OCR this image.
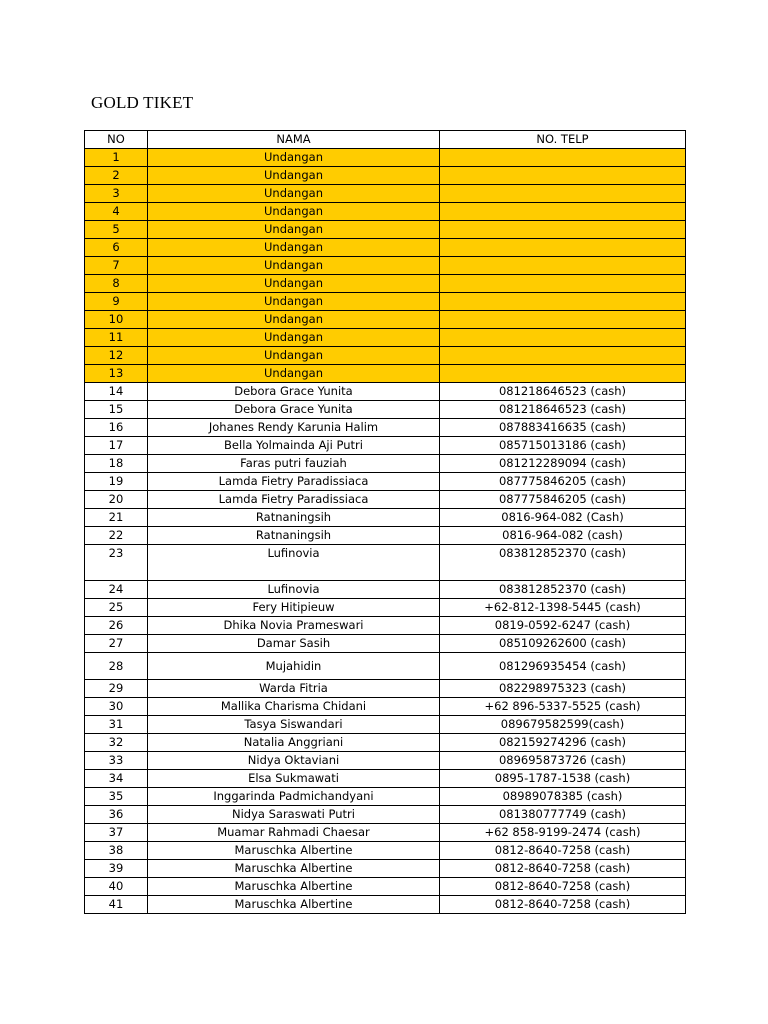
GOLD TIKET
NO	NAMA	NO. TELP
1	Undangan	
2	Undangan	
3	Undangan	
4	Undangan	
5	Undangan	
6	Undangan	
7	Undangan	
8	Undangan	
9	Undangan	
10	Undangan	
11	Undangan	
12	Undangan	
13	Undangan	
14	Debora Grace Yunita	081218646523 (cash)
15	Debora Grace Yunita	081218646523 (cash)
16	Johanes Rendy Karunia Halim	087883416635 (cash)
17	Bella Yolmainda Aji Putri	085715013186 (cash)
18	Faras putri fauziah	081212289094 (cash)
19	Lamda Fietry Paradissiaca	087775846205 (cash)
20	Lamda Fietry Paradissiaca	087775846205 (cash)
21	Ratnaningsih	0816-964-082 (Cash)
22	Ratnaningsih	0816-964-082 (cash)
23	Lufinovia	083812852370 (cash)
24	Lufinovia	083812852370 (cash)
25	Fery Hitipieuw	+62-812-1398-5445 (cash)
26	Dhika Novia Prameswari	0819-0592-6247 (cash)
27	Damar Sasih	085109262600 (cash)
28	Mujahidin	081296935454 (cash)
29	Warda Fitria	082298975323 (cash)
30	Mallika Charisma Chidani	+62 896-5337-5525 (cash)
31	Tasya Siswandari	089679582599(cash)
32	Natalia Anggriani	082159274296 (cash)
33	Nidya Oktaviani	089695873726 (cash)
34	Elsa Sukmawati	0895-1787-1538 (cash)
35	Inggarinda Padmichandyani	08989078385 (cash)
36	Nidya Saraswati Putri	081380777749 (cash)
37	Muamar Rahmadi Chaesar	+62 858-9199-2474 (cash)
38	Maruschka Albertine	0812-8640-7258 (cash)
39	Maruschka Albertine	0812-8640-7258 (cash)
40	Maruschka Albertine	0812-8640-7258 (cash)
41	Maruschka Albertine	0812-8640-7258 (cash)
